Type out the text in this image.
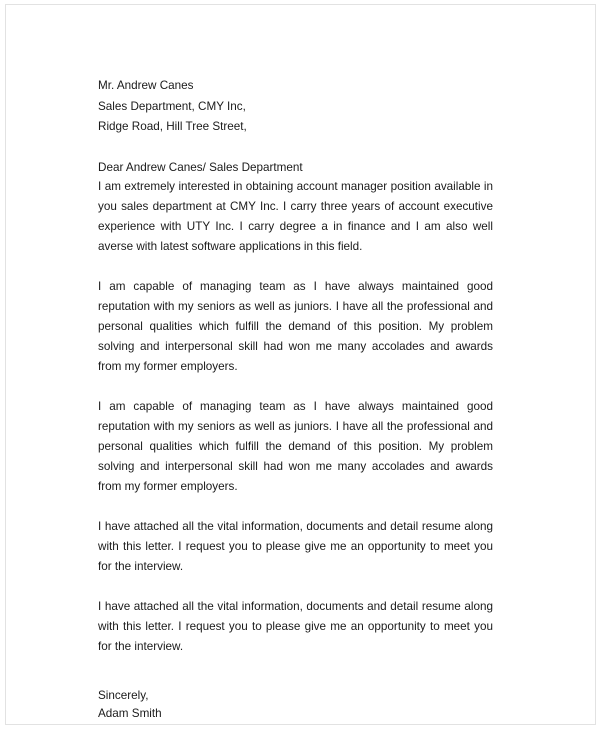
Mr. Andrew Canes
Sales Department, CMY Inc,
Ridge Road, Hill Tree Street,
Dear Andrew Canes/ Sales Department

I am extremely interested in obtaining account manager position available in you sales department at CMY Inc. I carry three years of account executive experience with UTY Inc. I carry degree a in finance and I am also well averse with latest software applications in this field.

I am capable of managing team as I have always maintained good reputation with my seniors as well as juniors. I have all the professional and personal qualities which fulfill the demand of this position. My problem solving and interpersonal skill had won me many accolades and awards from my former employers.

I am capable of managing team as I have always maintained good reputation with my seniors as well as juniors. I have all the professional and personal qualities which fulfill the demand of this position. My problem solving and interpersonal skill had won me many accolades and awards from my former employers.

I have attached all the vital information, documents and detail resume along with this letter. I request you to please give me an opportunity to meet you for the interview.

I have attached all the vital information, documents and detail resume along with this letter. I request you to please give me an opportunity to meet you for the interview.

Sincerely,
Adam Smith
